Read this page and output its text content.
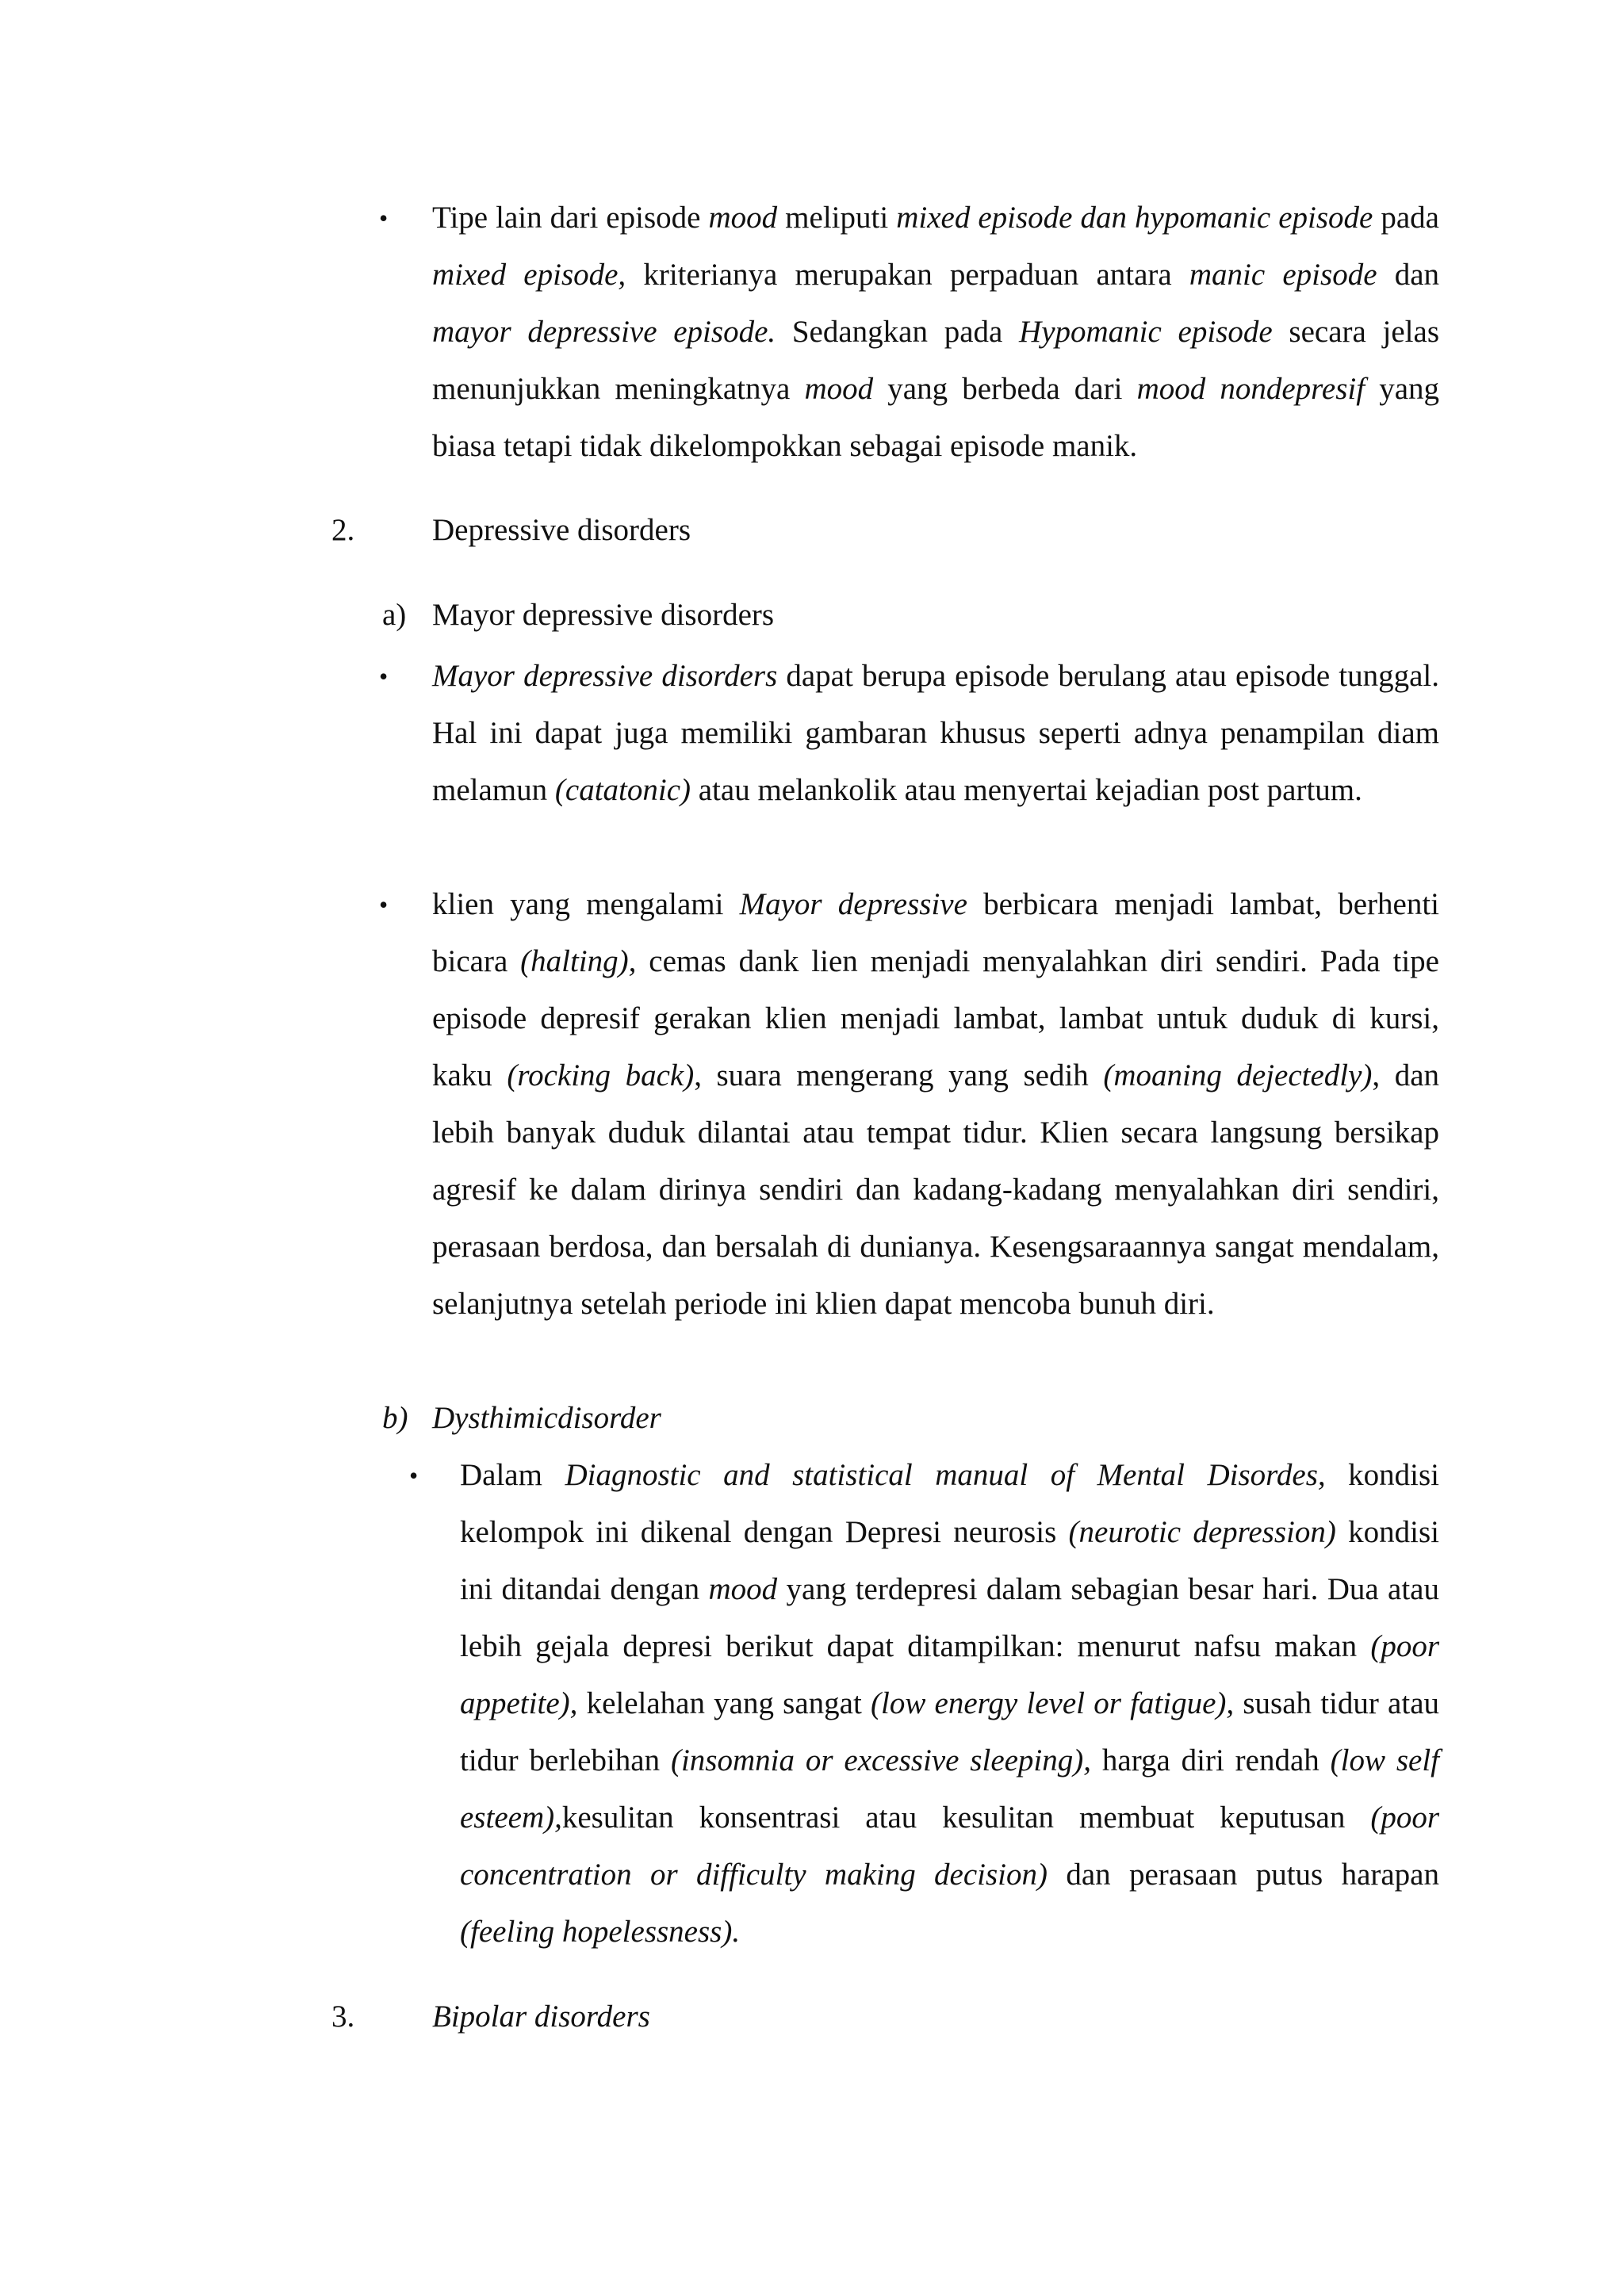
• Tipe lain dari episode mood meliputi mixed episode dan hypomanic episode pada mixed episode, kriterianya merupakan perpaduan antara manic episode dan mayor depressive episode. Sedangkan pada Hypomanic episode secara jelas menunjukkan meningkatnya mood yang berbeda dari mood nondepresif yang biasa tetapi tidak dikelompokkan sebagai episode manik.

2.	Depressive disorders
a) Mayor depressive disorders
• Mayor depressive disorders dapat berupa episode berulang atau episode tunggal. Hal ini dapat juga memiliki gambaran khusus seperti adnya penampilan diam melamun (catatonic) atau melankolik atau menyertai kejadian post partum.

• klien yang mengalami Mayor depressive berbicara menjadi lambat, berhenti bicara (halting), cemas dank lien menjadi menyalahkan diri sendiri. Pada tipe episode depresif gerakan klien menjadi lambat, lambat untuk duduk di kursi, kaku (rocking back), suara mengerang yang sedih (moaning dejectedly), dan lebih banyak duduk dilantai atau tempat tidur. Klien secara langsung bersikap agresif ke dalam dirinya sendiri dan kadang-kadang menyalahkan diri sendiri, perasaan berdosa, dan bersalah di dunianya. Kesengsaraannya sangat mendalam, selanjutnya setelah periode ini klien dapat mencoba bunuh diri.

b) Dysthimicdisorder
• Dalam Diagnostic and statistical manual of Mental Disordes, kondisi kelompok ini dikenal dengan Depresi neurosis (neurotic depression) kondisi ini ditandai dengan mood yang terdepresi dalam sebagian besar hari. Dua atau lebih gejala depresi berikut dapat ditampilkan: menurut nafsu makan (poor appetite), kelelahan yang sangat (low energy level or fatigue), susah tidur atau tidur berlebihan (insomnia or excessive sleeping), harga diri rendah (low self esteem),kesulitan konsentrasi atau kesulitan membuat keputusan (poor concentration or difficulty making decision) dan perasaan putus harapan (feeling hopelessness).

3.	Bipolar disorders
